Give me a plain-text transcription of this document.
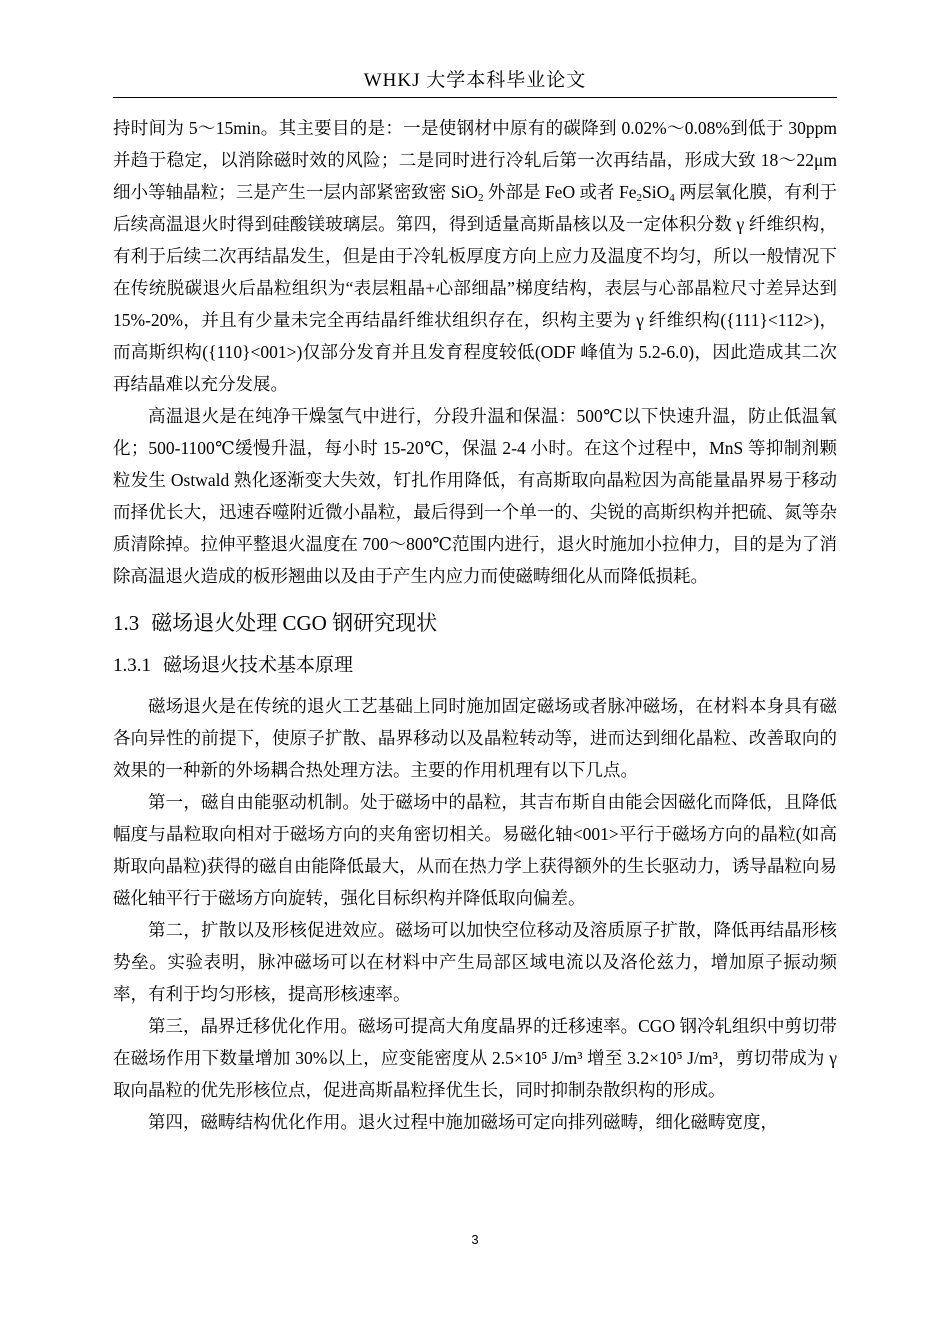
WHKJ 大学本科毕业论文

持时间为 5～15min。其主要目的是：一是使钢材中原有的碳降到 0.02%～0.08%到低于 30ppm 并趋于稳定，以消除磁时效的风险；二是同时进行冷轧后第一次再结晶，形成大致 18～22μm 细小等轴晶粒；三是产生一层内部紧密致密 SiO$_2$ 外部是 FeO 或者 $Fe_2SiO_4$ 两层氧化膜，有利于后续高温退火时得到硅酸镁玻璃层。第四，得到适量高斯晶核以及一定体积分数 γ 纤维织构，有利于后续二次再结晶发生，但是由于冷轧板厚度方向上应力及温度不均匀，所以一般情况下在传统脱碳退火后晶粒组织为“表层粗晶+心部细晶”梯度结构，表层与心部晶粒尺寸差异达到 15%-20%，并且有少量未完全再结晶纤维状组织存在，织构主要为 γ 纤维织构({111}<112>)，而高斯织构({110}<001>)仅部分发育并且发育程度较低(ODF 峰值为 5.2-6.0)，因此造成其二次再结晶难以充分发展。

高温退火是在纯净干燥氢气中进行，分段升温和保温：500℃以下快速升温，防止低温氧化；500-1100℃缓慢升温，每小时 15-20℃，保温 2-4 小时。在这个过程中，MnS 等抑制剂颗粒发生 Ostwald 熟化逐渐变大失效，钉扎作用降低，有高斯取向晶粒因为高能量晶界易于移动而择优长大，迅速吞噬附近微小晶粒，最后得到一个单一的、尖锐的高斯织构并把硫、氮等杂质清除掉。拉伸平整退火温度在 700～800℃范围内进行，退火时施加小拉伸力，目的是为了消除高温退火造成的板形翘曲以及由于产生内应力而使磁畴细化从而降低损耗。

1.3 磁场退火处理 CGO 钢研究现状
1.3.1 磁场退火技术基本原理

磁场退火是在传统的退火工艺基础上同时施加固定磁场或者脉冲磁场，在材料本身具有磁各向异性的前提下，使原子扩散、晶界移动以及晶粒转动等，进而达到细化晶粒、改善取向的效果的一种新的外场耦合热处理方法。主要的作用机理有以下几点。

第一，磁自由能驱动机制。处于磁场中的晶粒，其吉布斯自由能会因磁化而降低，且降低幅度与晶粒取向相对于磁场方向的夹角密切相关。易磁化轴<001>平行于磁场方向的晶粒(如高斯取向晶粒)获得的磁自由能降低最大，从而在热力学上获得额外的生长驱动力，诱导晶粒向易磁化轴平行于磁场方向旋转，强化目标织构并降低取向偏差。

第二，扩散以及形核促进效应。磁场可以加快空位移动及溶质原子扩散，降低再结晶形核势垒。实验表明，脉冲磁场可以在材料中产生局部区域电流以及洛伦兹力，增加原子振动频率，有利于均匀形核，提高形核速率。

第三，晶界迁移优化作用。磁场可提高大角度晶界的迁移速率。CGO 钢冷轧组织中剪切带在磁场作用下数量增加 30%以上，应变能密度从 2.5×10⁵ J/m³ 增至 3.2×10⁵ J/m³，剪切带成为 γ 取向晶粒的优先形核位点，促进高斯晶粒择优生长，同时抑制杂散织构的形成。

第四，磁畴结构优化作用。退火过程中施加磁场可定向排列磁畴，细化磁畴宽度，

3
